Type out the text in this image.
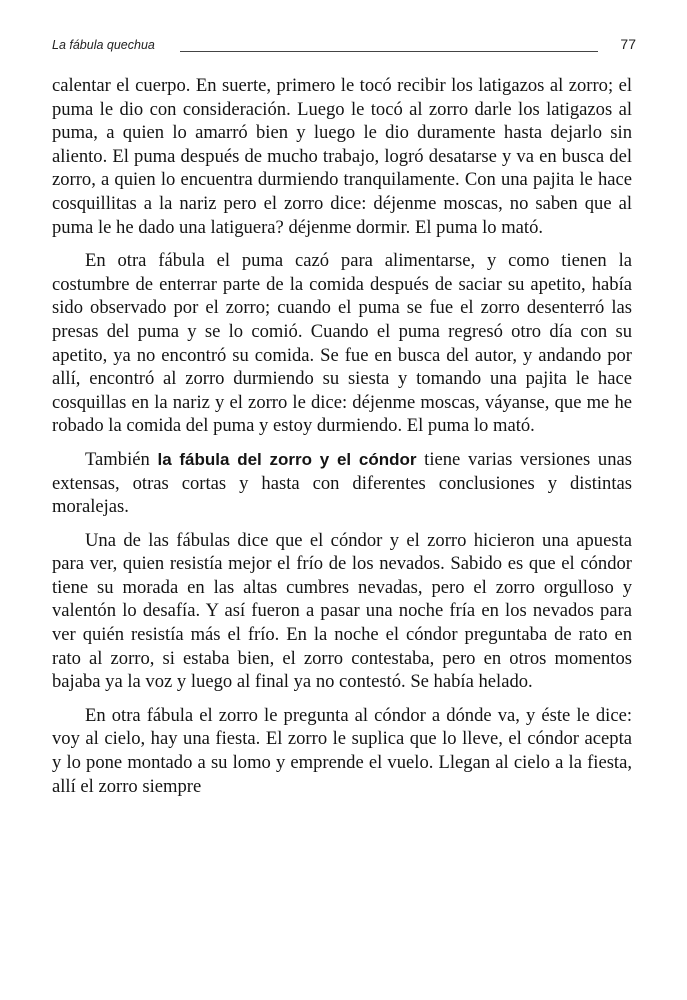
La fábula quechua	77

calentar el cuerpo. En suerte, primero le tocó recibir los latigazos al zorro; el puma le dio con consideración. Luego le tocó al zorro darle los latigazos al puma, a quien lo amarró bien y luego le dio duramente hasta dejarlo sin aliento. El puma después de mucho trabajo, logró desatarse y va en busca del zorro, a quien lo encuentra durmiendo tranquilamente. Con una pajita le hace cosquillitas a la nariz pero el zorro dice: déjenme moscas, no saben que al puma le he dado una latiguera? déjenme dormir. El puma lo mató.

En otra fábula el puma cazó para alimentarse, y como tienen la costumbre de enterrar parte de la comida después de saciar su apetito, había sido observado por el zorro; cuando el puma se fue el zorro desenterró las presas del puma y se lo comió. Cuando el puma regresó otro día con su apetito, ya no encontró su comida. Se fue en busca del autor, y andando por allí, encontró al zorro durmiendo su siesta y tomando una pajita le hace cosquillas en la nariz y el zorro le dice: déjenme moscas, váyanse, que me he robado la comida del puma y estoy durmiendo. El puma lo mató.

También la fábula del zorro y el cóndor tiene varias versiones unas extensas, otras cortas y hasta con diferentes conclusiones y distintas moralejas.

Una de las fábulas dice que el cóndor y el zorro hicieron una apuesta para ver, quien resistía mejor el frío de los nevados. Sabido es que el cóndor tiene su morada en las altas cumbres nevadas, pero el zorro orgulloso y valentón lo desafía. Y así fueron a pasar una noche fría en los nevados para ver quién resistía más el frío. En la noche el cóndor preguntaba de rato en rato al zorro, si estaba bien, el zorro contestaba, pero en otros momentos bajaba ya la voz y luego al final ya no contestó. Se había helado.

En otra fábula el zorro le pregunta al cóndor a dónde va, y éste le dice: voy al cielo, hay una fiesta. El zorro le suplica que lo lleve, el cóndor acepta y lo pone montado a su lomo y emprende el vuelo. Llegan al cielo a la fiesta, allí el zorro siempre
